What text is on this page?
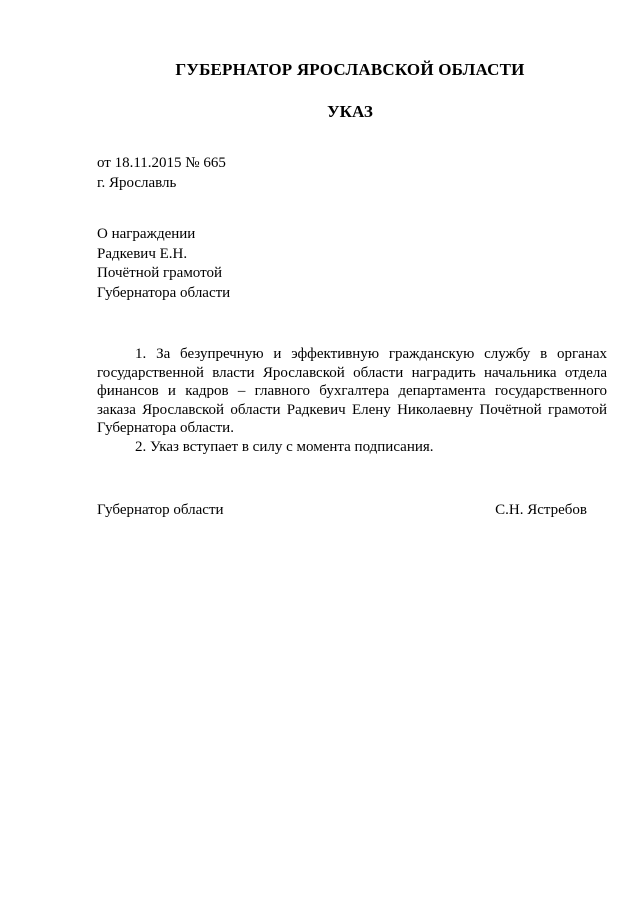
ГУБЕРНАТОР ЯРОСЛАВСКОЙ ОБЛАСТИ
УКАЗ
от 18.11.2015 № 665
г. Ярославль
О награждении
Радкевич Е.Н.
Почётной грамотой
Губернатора области

1. За безупречную и эффективную гражданскую службу в органах государственной власти Ярославской области наградить начальника отдела финансов и кадров – главного бухгалтера департамента государственного заказа Ярославской области Радкевич Елену Николаевну Почётной грамотой Губернатора области.

2. Указ вступает в силу с момента подписания.

Губернатор области	С.Н. Ястребов
